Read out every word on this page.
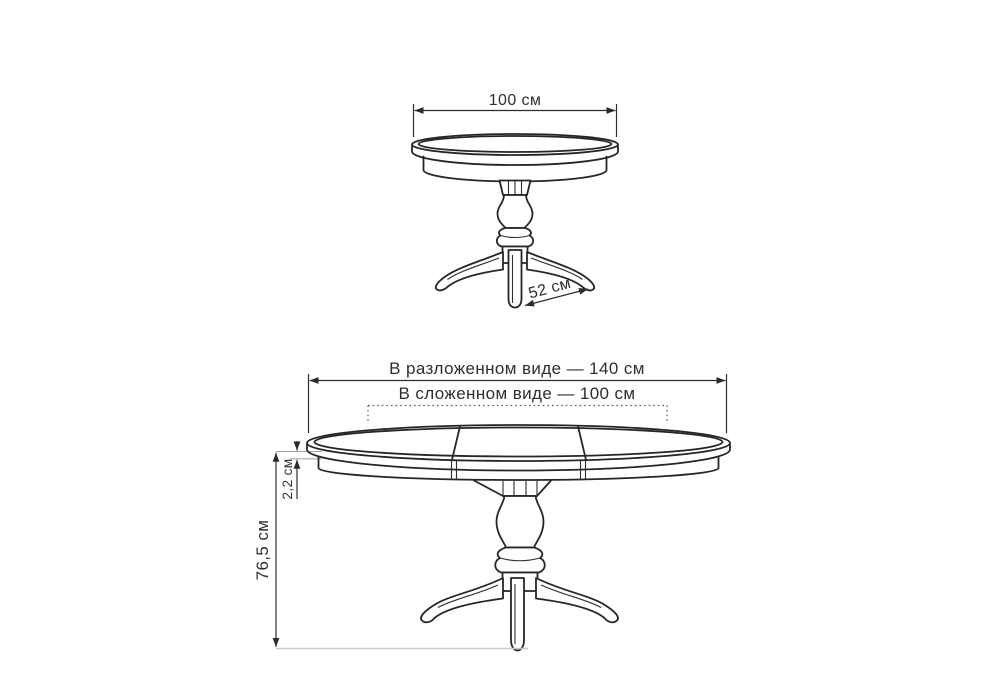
100 см
52 см
В разложенном виде — 140 см
В сложенном виде — 100 см
2,2 см
76,5 см
